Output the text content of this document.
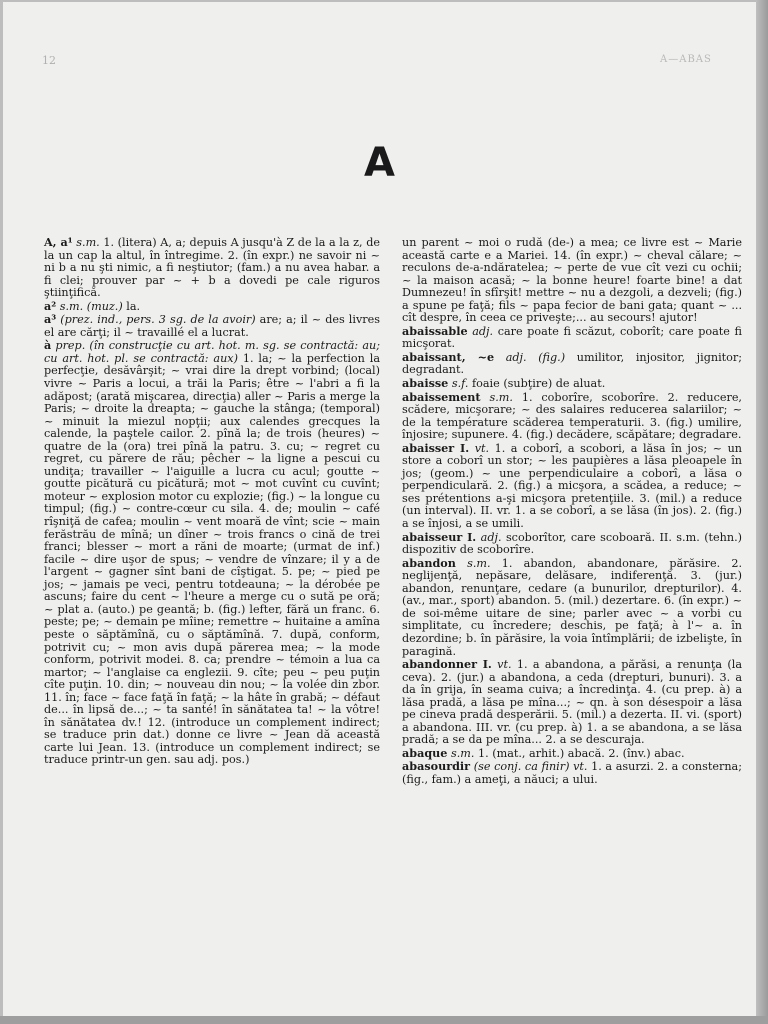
12	A—ABAS
A

A, a¹ s.m. 1. (litera) A, a; depuis A jusqu'à Z de la a la z, de la un cap la altul, în întregime. 2. (în expr.) ne savoir ni ~ ni b a nu şti nimic, a fi neştiutor; (fam.) a nu avea habar. a fi clei; prouver par ~ + b a dovedi pe cale riguros ştiinţifică.

a² s.m. (muz.) la.

a³ (prez. ind., pers. 3 sg. de la avoir) are; a; il ~ des livres el are cărţi; il ~ travaillé el a lucrat.

à prep. (în construcţie cu art. hot. m. sg. se contractă: au; cu art. hot. pl. se contractă: aux) 1. la; ~ la perfection la perfecţie, desăvârşit; ~ vrai dire la drept vorbind; (local) vivre ~ Paris a locui, a trăi la Paris; être ~ l'abri a fi la adăpost; (arată mişcarea, direcţia) aller ~ Paris a merge la Paris; ~ droite la dreapta; ~ gauche la stânga; (temporal) ~ minuit la miezul nopţii; aux calendes grecques la calende, la paştele cailor. 2. pînă la; de trois (heures) ~ quatre de la (ora) trei pînă la patru. 3. cu; ~ regret cu regret, cu părere de rău; pêcher ~ la ligne a pescui cu undiţa; travailler ~ l'aiguille a lucra cu acul; goutte ~ goutte picătură cu picătură; mot ~ mot cuvînt cu cuvînt; moteur ~ explosion motor cu explozie; (fig.) ~ la longue cu timpul; (fig.) ~ contre-cœur cu sila. 4. de; moulin ~ café rîşniţă de cafea; moulin ~ vent moară de vînt; scie ~ main ferăstrău de mînă; un dîner ~ trois francs o cină de trei franci; blesser ~ mort a răni de moarte; (urmat de inf.) facile ~ dire uşor de spus; ~ vendre de vînzare; il y a de l'argent ~ gagner sînt bani de cîştigat. 5. pe; ~ pied pe jos; ~ jamais pe veci, pentru totdeauna; ~ la dérobée pe ascuns; faire du cent ~ l'heure a merge cu o sută pe oră; ~ plat a. (auto.) pe geantă; b. (fig.) lefter, fără un franc. 6. peste; pe; ~ demain pe mîine; remettre ~ huitaine a amîna peste o săptămînă, cu o săptămînă. 7. după, conform, potrivit cu; ~ mon avis după părerea mea; ~ la mode conform, potrivit modei. 8. ca; prendre ~ témoin a lua ca martor; ~ l'anglaise ca englezii. 9. cîte; peu ~ peu puţin cîte puţin. 10. din; ~ nouveau din nou; ~ la volée din zbor. 11. în; face ~ face faţă în faţă; ~ la hâte în grabă; ~ défaut de... în lipsă de...; ~ ta santé! în sănătatea ta! ~ la vôtre! în sănătatea dv.! 12. (introduce un complement indirect; se traduce prin dat.) donne ce livre ~ Jean dă această carte lui Jean. 13. (introduce un complement indirect; se traduce printr-un gen. sau adj. pos.)

un parent ~ moi o rudă (de-) a mea; ce livre est ~ Marie această carte e a Mariei. 14. (în expr.) ~ cheval călare; ~ reculons de-a-ndăratelea; ~ perte de vue cît vezi cu ochii; ~ la maison acasă; ~ la bonne heure! foarte bine! a dat Dumnezeu! în sfîrşit! mettre ~ nu a dezgoli, a dezveli; (fig.) a spune pe faţă; fils ~ papa fecior de bani gata; quant ~ ... cît despre, în ceea ce priveşte;... au secours! ajutor!

abaissable adj. care poate fi scăzut, coborît; care poate fi micşorat.

abaissant, ~e adj. (fig.) umilitor, injositor, jignitor; degradant.

abaisse s.f. foaie (subţire) de aluat.

abaissement s.m. 1. coborîre, scoborîre. 2. reducere, scădere, micşorare; ~ des salaires reducerea salariilor; ~ de la température scăderea temperaturii. 3. (fig.) umilire, înjosire; supunere. 4. (fig.) decădere, scăpătare; degradare.

abaisser I. vt. 1. a coborî, a scobori, a lăsa în jos; ~ un store a coborî un stor; ~ les paupières a lăsa pleoapele în jos; (geom.) ~ une perpendiculaire a coborî, a lăsa o perpendiculară. 2. (fig.) a micşora, a scădea, a reduce; ~ ses prétentions a-şi micşora pretenţiile. 3. (mil.) a reduce (un interval). II. vr. 1. a se coborî, a se lăsa (în jos). 2. (fig.) a se înjosi, a se umili.

abaisseur I. adj. scoborîtor, care scoboară. II. s.m. (tehn.) dispozitiv de scoborîre.

abandon s.m. 1. abandon, abandonare, părăsire. 2. neglijenţă, nepăsare, delăsare, indiferenţă. 3. (jur.) abandon, renunţare, cedare (a bunurilor, drepturilor). 4. (av., mar., sport) abandon. 5. (mil.) dezertare. 6. (în expr.) ~ de soi-même uitare de sine; parler avec ~ a vorbi cu simplitate, cu încredere; deschis, pe faţă; à l'~ a. în dezordine; b. în părăsire, la voia întîmplării; de izbelişte, în paragină.

abandonner I. vt. 1. a abandona, a părăsi, a renunţa (la ceva). 2. (jur.) a abandona, a ceda (drepturi, bunuri). 3. a da în grija, în seama cuiva; a încredinţa. 4. (cu prep. à) a lăsa pradă, a lăsa pe mîna...; ~ qn. à son désespoir a lăsa pe cineva pradă desperării. 5. (mil.) a dezerta. II. vi. (sport) a abandona. III. vr. (cu prep. à) 1. a se abandona, a se lăsa pradă; a se da pe mîna... 2. a se descuraja.

abaque s.m. 1. (mat., arhit.) abacă. 2. (înv.) abac.

abasourdir (se conj. ca finir) vt. 1. a asurzi. 2. a consterna; (fig., fam.) a ameţi, a năuci; a ului.
